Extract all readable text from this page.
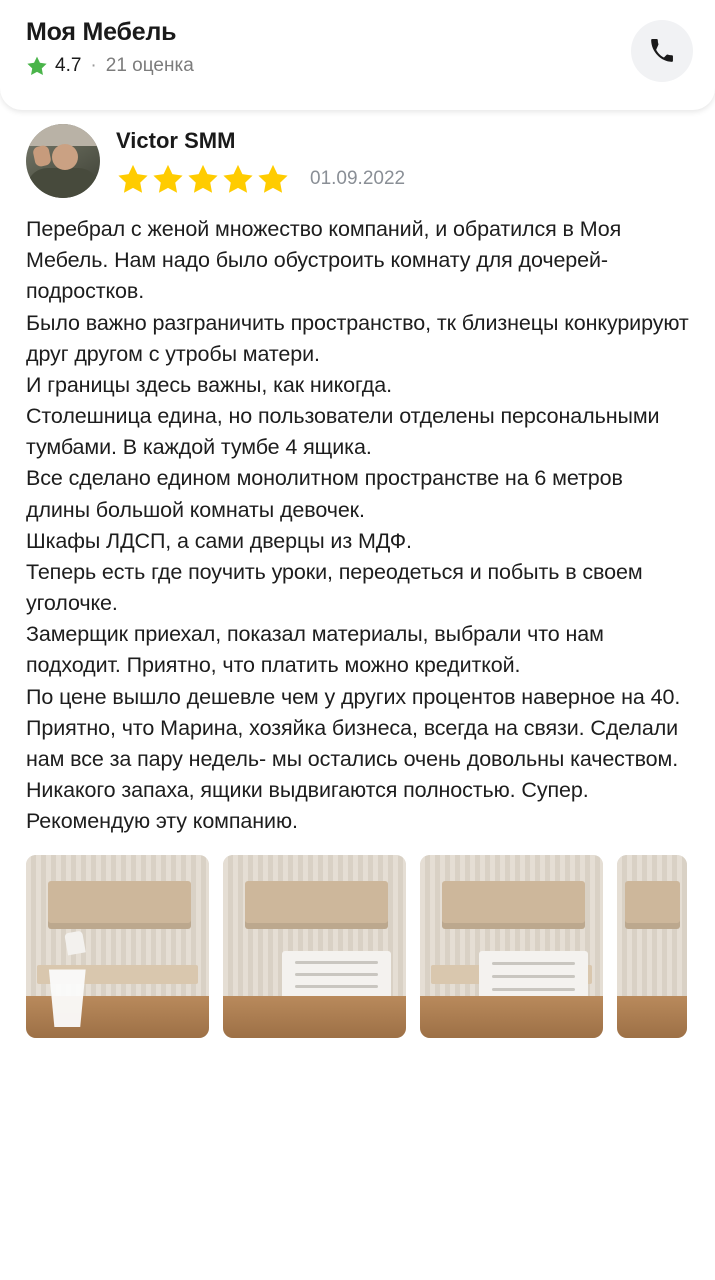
Моя Мебель
4.7 · 21 оценка
Victor SMM
01.09.2022

Перебрал с женой множество компаний, и обратился в Моя Мебель. Нам надо было обустроить комнату для дочерей-подростков.

Было важно разграничить пространство, тк близнецы конкурируют друг другом с утробы матери.

И границы здесь важны, как никогда.

Столешница едина, но пользователи отделены персональными тумбами. В каждой тумбе 4 ящика.

Все сделано едином монолитном пространстве на 6 метров длины большой комнаты девочек.

Шкафы ЛДСП, а сами дверцы из МДФ.

Теперь есть где поучить уроки, переодеться и побыть в своем уголочке.

Замерщик приехал, показал материалы, выбрали что нам подходит. Приятно, что платить можно кредиткой.

По цене вышло дешевле чем у других процентов наверное на 40.

Приятно, что Марина, хозяйка бизнеса, всегда на связи. Сделали нам все за пару недель- мы остались очень довольны качеством. Никакого запаха, ящики выдвигаются полностью. Супер. Рекомендую эту компанию.
